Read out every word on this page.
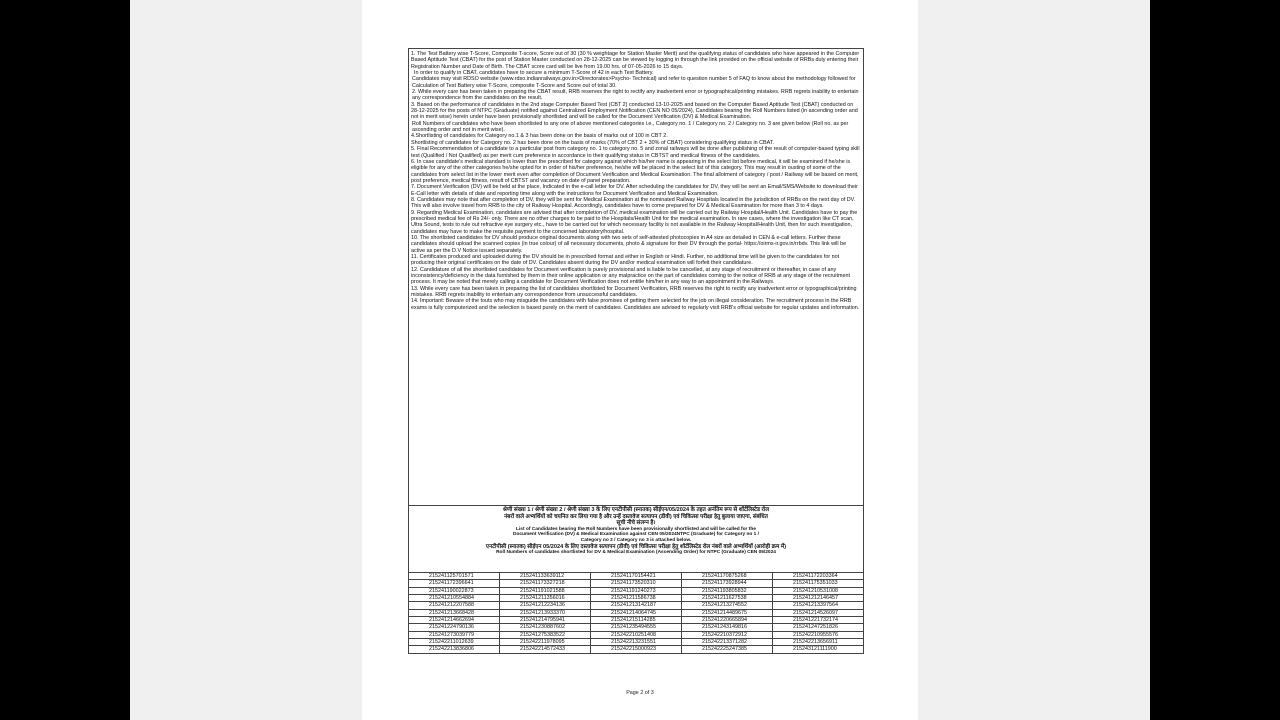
1. The Test Battery wise T-Score, Composite T-score, Score out of 30 (30 % weightage for Station Master Merit) and the qualifying status of candidates who have appeared in the Computer Based Aptitude Test (CBAT) for the post of Station Master conducted on 28-12-2025 can be viewed by logging in through the link provided on the official website of RRBs duly entering their Registration Number and Date of Birth. The CBAT score card will be live from 19.00 hrs. of 07-05-2026 to 15 days.

In order to qualify in CBAT, candidates have to secure a minimum T-Score of 42 in each Test Battery.

Candidates may visit RDSO website (www.rdso.indianrailways.gov.in>Directorates>Psycho- Technical) and refer to question number 5 of FAQ to know about the methodology followed for Calculation of Test Battery wise T-Score, composite T-Score and Score out of total 30.

2. While every care has been taken in preparing the CBAT result, RRB reserves the right to rectify any inadvertent error or typographical/printing mistakes. RRB regrets inability to entertain any correspondence from the candidates on the result.

3. Based on the performance of candidates in the 2nd stage Computer Based Test (CBT 2) conducted 13-10-2025 and based on the Computer Based Aptitude Test (CBAT) conducted on 28-12-2025 for the posts of NTPC (Graduate) notified against Centralized Employment Notification (CEN NO 05/2024), Candidates bearing the Roll Numbers listed (in ascending order and not in merit wise) herein under have been provisionally shortlisted and will be called for the Document Verification (DV) & Medical Examination.

Roll Numbers of candidates who have been shortlisted to any one of above mentioned categories i.e., Category no. 1 / Category no. 2 / Category no. 3 are given below (Roll no. as per ascending order and not in merit wise).

4.Shortlisting of candidates for Category no.1 & 3 has been done on the basis of marks out of 100 in CBT 2.

Shortlisting of candidates for Category no. 2 has been done on the basis of marks (70% of CBT 2 + 30% of CBAT) considering qualifying status in CBAT.

5. Final Recommendation of a candidate to a particular post from category no. 1 to category no. 5 and zonal railways will be done after publishing of the result of computer-based typing skill test (Qualified / Not Qualified) as per merit cum preference in accordance to their qualifying status in CBTST and medical fitness of the candidates.

6. In case candidate's medical standard is lower than the prescribed for category against which his/her name is appearing in the select list before medical, it will be examined if he/she is eligible for any of the other categories he/she opted for in order of his/her preference, he/she will be placed in the select list of this category. This may result in ousting of some of the candidates from select list in the lower merit even after completion of Document Verification and Medical Examination. The final allotment of category / post / Railway will be based on merit, post preference, medical fitness, result of CBTST and vacancy on date of panel preparation.

7. Document Verification (DV) will be held at the place, Indicated in the e-call letter for DV. After scheduling the candidates for DV, they will be sent an Email/SMS/Website to download their E-Call letter with details of date and reporting time along with the instructions for Document Verification and Medical Examination.

8. Candidates may note that after completion of DV, they will be sent for Medical Examination at the nominated Railway Hospitals located in the jurisdiction of RRBs on the next day of DV. This will also involve travel from RRB to the city of Railway Hospital. Accordingly, candidates have to come prepared for DV & Medical Examination for more than 3 to 4 days.

9. Regarding Medical Examination, candidates are advised that after completion of DV, medical examination will be carried out by Railway Hospital/Health Unit. Candidates have to pay the prescribed medical fee of Rs 24/- only. There are no other charges to be paid to the Hospitals/Health Unit for the medical examination. In rare cases, where the investigation like CT scan, Ultra Sound, tests to rule out refractive eye surgery etc., have to be carried out for which necessary facility is not available in the Railway Hospital/Health Unit, then for such investigation, candidates may have to make the requisite payment to the concerned laboratory/hospital.

10. The shortlisted candidates for DV should produce original documents along with two sets of self-attested photocopies in A4 size as detailed in CEN & e-call letters. Further these candidates should upload the scanned copies (in true colour) of all necessary documents, photo & signature for their DV through the portal- https://oirms-ir.gov.in/rrbdv. This link will be active as per the D.V Notice issued separately.

11. Certificates produced and uploaded during the DV should be in prescribed format and either in English or Hindi. Further, no additional time will be given to the candidates for not producing their original certificates on the date of DV. Candidates absent during the DV and/or medical examination will forfeit their candidature.

12. Candidature of all the shortlisted candidates for Document verification is purely provisional and is liable to be cancelled, at any stage of recruitment or thereafter, in case of any inconsistency/deficiency in the data furnished by them in their online application or any malpractice on the part of candidates coming to the notice of RRB at any stage of the recruitment process. It may be noted that merely calling a candidate for Document Verification does not entitle him/her in any way to an appointment in the Railways.

13. While every care has been taken in preparing the list of candidates shortlisted for Document Verification, RRB reserves the right to rectify any inadvertent error or typographical/printing mistakes. RRB regrets inability to entertain any correspondence from unsuccessful candidates.

14. Important: Beware of the touts who may misguide the candidates with false promises of getting them selected for the job on illegal consideration. The recruitment process in the RRB exams is fully computerized and the selection is based purely on the merit of candidates. Candidates are advised to regularly visit RRB's official website for regular updates and information.

श्रेणी संख्या 1 / श्रेणी संख्या 2 / श्रेणी संख्या 3 के लिए एनटीपीसी (स्नातक) सीईएन/05/2024 के तहत अनंतिम रूप से शॉर्टलिस्टेड रोल नंबरों वाले अभ्यर्थियों को चयनित कर लिया गया है और उन्हें दस्तावेज सत्यापन (डीवी) एवं चिकित्सा परीक्षा हेतु बुलाया जाएगा, संबंधित सूची नीचे संलग्न है।
List of Candidates bearing the Roll Numbers have been provisionally shortlisted and will be called for the Document Verification (DV) & Medical Examination against CEN 05/2024NTPC (Graduate) for Category no 1 / Category no 2 / Category no 3 is attached below.
एनटीपीसी (स्नातक) सीईएन 05/2024 के लिए दस्तावेज सत्यापन (डीवी) एवं चिकित्सा परीक्षा हेतु शॉर्टलिस्टेड रोल नंबरों वाले अभ्यर्थियों (आरोही क्रम में)
Roll Numbers of candidates shortlisted for DV & Medical Examination (Ascending Order) for NTPC (Graduate) CEN 05/2024
215241125701571	215241133639112	215241170154421	215241170875268	215241172203364
215241172396641	215241173327218	215241173520310	215241173928944	215241175351033
215241190022873	215241191021588	215241191240273	215241193805832	215241210531008
215241210554884	215241211356016	215241211586738	215241211627538	215241212146457
215241212207588	215241212234136	215241213142187	215241213274552	215241213397564
215241213668428	215241213933370	215241214064745	215241214489675	215241214526097
215241214662694	215241214795941	215241215114285	215241220665894	215241221732174
215241224790136	215241230887602	215241235494555	215241243149816	215241247251826
215241273039779	215241275383522	215242210251408	215242210372912	215242210955576
215242211012639	215242211978095	215242213231551	215242213371282	215242213656911
215242213836806	215242214572433	215242215000923	215242225247385	215243121111900
Page 2 of 3
